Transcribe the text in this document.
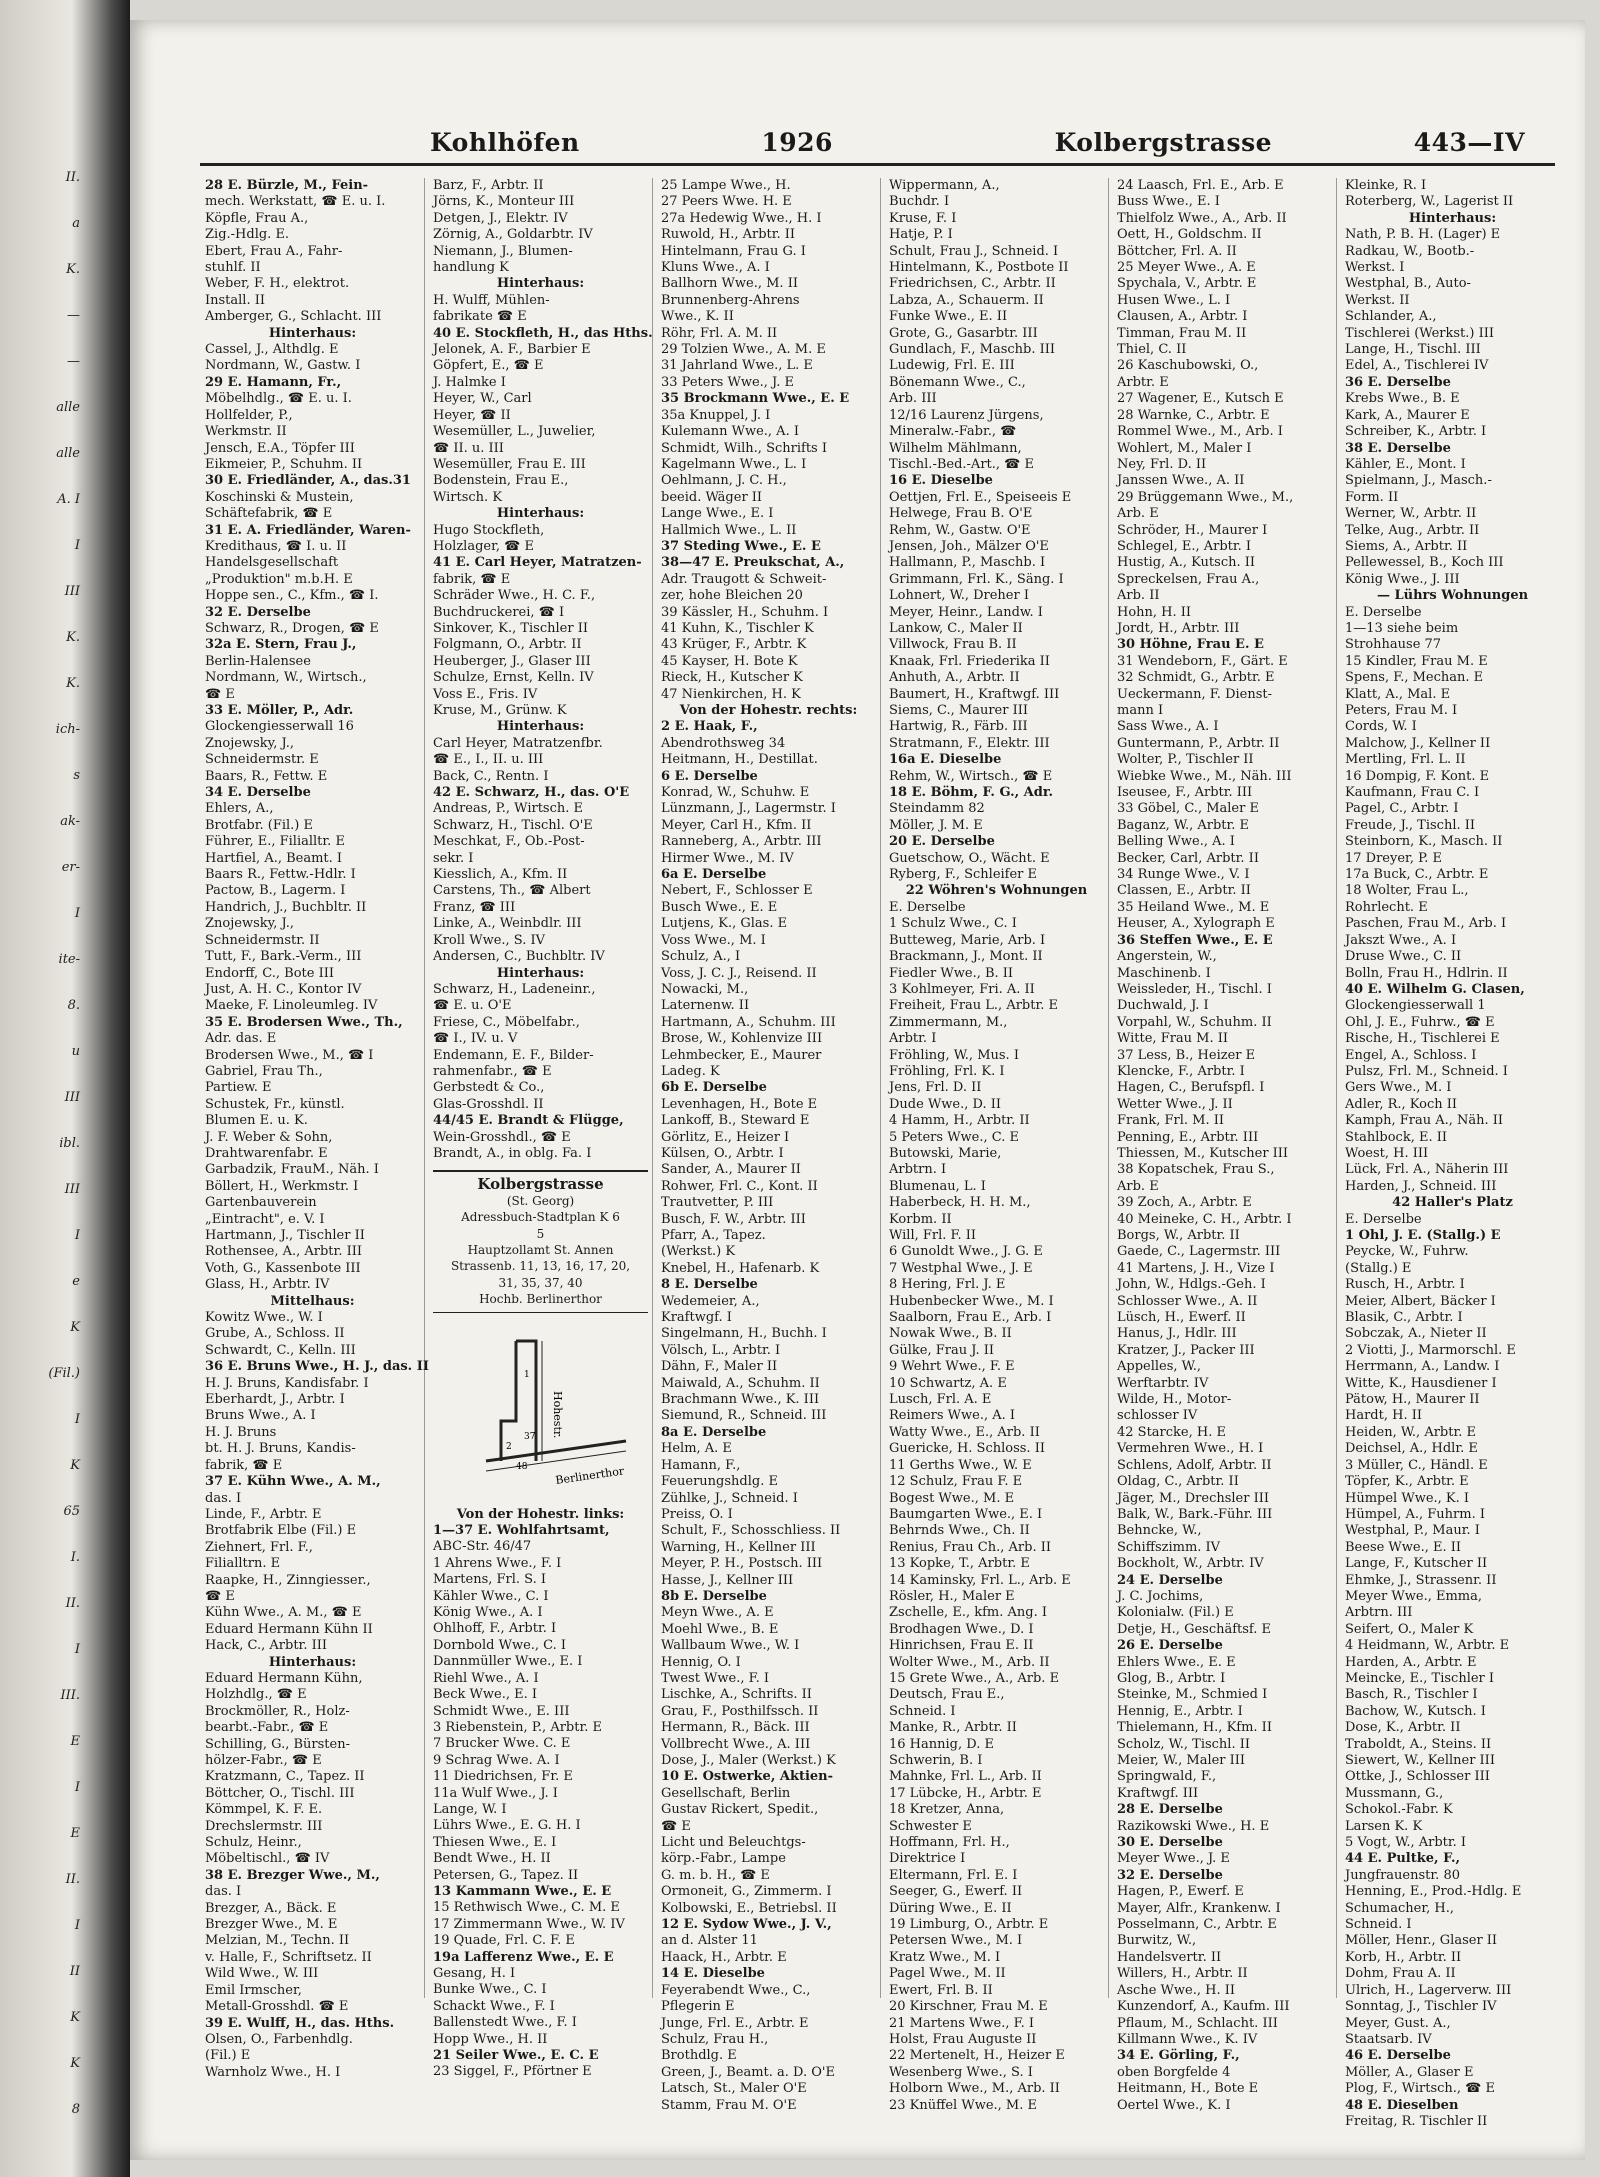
II.
a
K.
—
—
alle
alle
A. I
I
III
K.
K.
ich-
s
ak-
er-
I
ite-
8.
u
III
ibl.
III
I
e
K
(Fil.)
I
K
65
I.
II.
I
III.
E
I
E
II.
I
II
K
K
8
Kohlhöfen	1926	Kolbergstrasse	443—IV
28 E. Bürzle, M., Fein-
mech. Werkstatt, ☎ E. u. I.
Köpfle, Frau A.,
Zig.-Hdlg. E.
Ebert, Frau A., Fahr-
stuhlf. II
Weber, F. H., elektrot.
Install. II
Amberger, G., Schlacht. III
Hinterhaus:
Cassel, J., Althdlg. E
Nordmann, W., Gastw. I
29 E. Hamann, Fr.,
Möbelhdlg., ☎ E. u. I.
Hollfelder, P.,
Werkmstr. II
Jensch, E.A., Töpfer III
Eikmeier, P., Schuhm. II
30 E. Friedländer, A., das.31
Koschinski & Mustein,
Schäftefabrik, ☎ E
31 E. A. Friedländer, Waren-
Kredithaus, ☎ I. u. II
Handelsgesellschaft
„Produktion" m.b.H. E
Hoppe sen., C., Kfm., ☎ I.
32 E. Derselbe
Schwarz, R., Drogen, ☎ E
32a E. Stern, Frau J.,
Berlin-Halensee
Nordmann, W., Wirtsch.,
☎ E
33 E. Möller, P., Adr.
Glockengiesserwall 16
Znojewsky, J.,
Schneidermstr. E
Baars, R., Fettw. E
34 E. Derselbe
Ehlers, A.,
Brotfabr. (Fil.) E
Führer, E., Filialltr. E
Hartfiel, A., Beamt. I
Baars R., Fettw.-Hdlr. I
Pactow, B., Lagerm. I
Handrich, J., Buchbltr. II
Znojewsky, J.,
Schneidermstr. II
Tutt, F., Bark.-Verm., III
Endorff, C., Bote III
Just, A. H. C., Kontor IV
Maeke, F. Linoleumleg. IV
35 E. Brodersen Wwe., Th.,
Adr. das. E
Brodersen Wwe., M., ☎ I
Gabriel, Frau Th.,
Partiew. E
Schustek, Fr., künstl.
Blumen E. u. K.
J. F. Weber & Sohn,
Drahtwarenfabr. E
Garbadzik, FrauM., Näh. I
Böllert, H., Werkmstr. I
Gartenbauverein
„Eintracht", e. V. I
Hartmann, J., Tischler II
Rothensee, A., Arbtr. III
Voth, G., Kassenbote III
Glass, H., Arbtr. IV
Mittelhaus:
Kowitz Wwe., W. I
Grube, A., Schloss. II
Schwardt, C., Kelln. III
36 E. Bruns Wwe., H. J., das. II
H. J. Bruns, Kandisfabr. I
Eberhardt, J., Arbtr. I
Bruns Wwe., A. I
H. J. Bruns
bt. H. J. Bruns, Kandis-
fabrik, ☎ E
37 E. Kühn Wwe., A. M.,
das. I
Linde, F., Arbtr. E
Brotfabrik Elbe (Fil.) E
Ziehnert, Frl. F.,
Filialltrn. E
Raapke, H., Zinngiesser.,
☎ E
Kühn Wwe., A. M., ☎ E
Eduard Hermann Kühn II
Hack, C., Arbtr. III
Hinterhaus:
Eduard Hermann Kühn,
Holzhdlg., ☎ E
Brockmöller, R., Holz-
bearbt.-Fabr., ☎ E
Schilling, G., Bürsten-
hölzer-Fabr., ☎ E
Kratzmann, C., Tapez. II
Böttcher, O., Tischl. III
Kömmpel, K. F. E.
Drechslermstr. III
Schulz, Heinr.,
Möbeltischl., ☎ IV
38 E. Brezger Wwe., M.,
das. I
Brezger, A., Bäck. E
Brezger Wwe., M. E
Melzian, M., Techn. II
v. Halle, F., Schriftsetz. II
Wild Wwe., W. III
Emil Irmscher,
Metall-Grosshdl. ☎ E
39 E. Wulff, H., das. Hths.
Olsen, O., Farbenhdlg.
(Fil.) E
Warnholz Wwe., H. I
Barz, F., Arbtr. II
Jörns, K., Monteur III
Detgen, J., Elektr. IV
Zörnig, A., Goldarbtr. IV
Niemann, J., Blumen-
handlung K
Hinterhaus:
H. Wulff, Mühlen-
fabrikate ☎ E
40 E. Stockfleth, H., das Hths.
Jelonek, A. F., Barbier E
Göpfert, E., ☎ E
J. Halmke I
Heyer, W., Carl
Heyer, ☎ II
Wesemüller, L., Juwelier,
☎ II. u. III
Wesemüller, Frau E. III
Bodenstein, Frau E.,
Wirtsch. K
Hinterhaus:
Hugo Stockfleth,
Holzlager, ☎ E
41 E. Carl Heyer, Matratzen-
fabrik, ☎ E
Schräder Wwe., H. C. F.,
Buchdruckerei, ☎ I
Sinkover, K., Tischler II
Folgmann, O., Arbtr. II
Heuberger, J., Glaser III
Schulze, Ernst, Kelln. IV
Voss E., Fris. IV
Kruse, M., Grünw. K
Hinterhaus:
Carl Heyer, Matratzenfbr.
☎ E., I., II. u. III
Back, C., Rentn. I
42 E. Schwarz, H., das. O'E
Andreas, P., Wirtsch. E
Schwarz, H., Tischl. O'E
Meschkat, F., Ob.-Post-
sekr. I
Kiesslich, A., Kfm. II
Carstens, Th., ☎ Albert
Franz, ☎ III
Linke, A., Weinbdlr. III
Kroll Wwe., S. IV
Andersen, C., Buchbltr. IV
Hinterhaus:
Schwarz, H., Ladeneinr.,
☎ E. u. O'E
Friese, C., Möbelfabr.,
☎ I., IV. u. V
Endemann, E. F., Bilder-
rahmenfabr., ☎ E
Gerbstedt & Co.,
Glas-Grosshdl. II
44/45 E. Brandt & Flügge,
Wein-Grosshdl., ☎ E
Brandt, A., in oblg. Fa. I
Kolbergstrasse
(St. Georg)
Adressbuch-Stadtplan K 6
5
Hauptzollamt St. Annen
Strassenb. 11, 13, 16, 17, 20,
31, 35, 37, 40
Hochb. Berlinerthor
Hohestr.
Berlinerthor
1
37
2
48
Von der Hohestr. links:
1—37 E. Wohlfahrtsamt,
ABC-Str. 46/47
1 Ahrens Wwe., F. I
Martens, Frl. S. I
Kähler Wwe., C. I
König Wwe., A. I
Ohlhoff, F., Arbtr. I
Dornbold Wwe., C. I
Dannmüller Wwe., E. I
Riehl Wwe., A. I
Beck Wwe., E. I
Schmidt Wwe., E. III
3 Riebenstein, P., Arbtr. E
7 Brucker Wwe. C. E
9 Schrag Wwe. A. I
11 Diedrichsen, Fr. E
11a Wulf Wwe., J. I
Lange, W. I
Lührs Wwe., E. G. H. I
Thiesen Wwe., E. I
Bendt Wwe., H. II
Petersen, G., Tapez. II
13 Kammann Wwe., E. E
15 Rethwisch Wwe., C. M. E
17 Zimmermann Wwe., W. IV
19 Quade, Frl. C. F. E
19a Lafferenz Wwe., E. E
Gesang, H. I
Bunke Wwe., C. I
Schackt Wwe., F. I
Ballenstedt Wwe., F. I
Hopp Wwe., H. II
21 Seiler Wwe., E. C. E
23 Siggel, F., Pförtner E
25 Lampe Wwe., H.
27 Peers Wwe. H. E
27a Hedewig Wwe., H. I
Ruwold, H., Arbtr. II
Hintelmann, Frau G. I
Kluns Wwe., A. I
Ballhorn Wwe., M. II
Brunnenberg-Ahrens
Wwe., K. II
Röhr, Frl. A. M. II
29 Tolzien Wwe., A. M. E
31 Jahrland Wwe., L. E
33 Peters Wwe., J. E
35 Brockmann Wwe., E. E
35a Knuppel, J. I
Kulemann Wwe., A. I
Schmidt, Wilh., Schrifts I
Kagelmann Wwe., L. I
Oehlmann, J. C. H.,
beeid. Wäger II
Lange Wwe., E. I
Hallmich Wwe., L. II
37 Steding Wwe., E. E
38—47 E. Preukschat, A.,
Adr. Traugott & Schweit-
zer, hohe Bleichen 20
39 Kässler, H., Schuhm. I
41 Kuhn, K., Tischler K
43 Krüger, F., Arbtr. K
45 Kayser, H. Bote K
Rieck, H., Kutscher K
47 Nienkirchen, H. K
Von der Hohestr. rechts:
2 E. Haak, F.,
Abendrothsweg 34
Heitmann, H., Destillat.
6 E. Derselbe
Konrad, W., Schuhw. E
Lünzmann, J., Lagermstr. I
Meyer, Carl H., Kfm. II
Ranneberg, A., Arbtr. III
Hirmer Wwe., M. IV
6a E. Derselbe
Nebert, F., Schlosser E
Busch Wwe., E. E
Lutjens, K., Glas. E
Voss Wwe., M. I
Schulz, A., I
Voss, J. C. J., Reisend. II
Nowacki, M.,
Laternenw. II
Hartmann, A., Schuhm. III
Brose, W., Kohlenvize III
Lehmbecker, E., Maurer
Ladeg. K
6b E. Derselbe
Levenhagen, H., Bote E
Lankoff, B., Steward E
Görlitz, E., Heizer I
Külsen, O., Arbtr. I
Sander, A., Maurer II
Rohwer, Frl. C., Kont. II
Trautvetter, P. III
Busch, F. W., Arbtr. III
Pfarr, A., Tapez.
(Werkst.) K
Knebel, H., Hafenarb. K
8 E. Derselbe
Wedemeier, A.,
Kraftwgf. I
Singelmann, H., Buchh. I
Völsch, L., Arbtr. I
Dähn, F., Maler II
Maiwald, A., Schuhm. II
Brachmann Wwe., K. III
Siemund, R., Schneid. III
8a E. Derselbe
Helm, A. E
Hamann, F.,
Feuerungshdlg. E
Zühlke, J., Schneid. I
Preiss, O. I
Schult, F., Schosschliess. II
Warning, H., Kellner III
Meyer, P. H., Postsch. III
Hasse, J., Kellner III
8b E. Derselbe
Meyn Wwe., A. E
Moehl Wwe., B. E
Wallbaum Wwe., W. I
Hennig, O. I
Twest Wwe., F. I
Lischke, A., Schrifts. II
Grau, F., Posthilfssch. II
Hermann, R., Bäck. III
Vollbrecht Wwe., A. III
Dose, J., Maler (Werkst.) K
10 E. Ostwerke, Aktien-
Gesellschaft, Berlin
Gustav Rickert, Spedit.,
☎ E
Licht und Beleuchtgs-
körp.-Fabr., Lampe
G. m. b. H., ☎ E
Ormoneit, G., Zimmerm. I
Kolbowski, E., Betriebsl. II
12 E. Sydow Wwe., J. V.,
an d. Alster 11
Haack, H., Arbtr. E
14 E. Dieselbe
Feyerabendt Wwe., C.,
Pflegerin E
Junge, Frl. E., Arbtr. E
Schulz, Frau H.,
Brothdlg. E
Green, J., Beamt. a. D. O'E
Latsch, St., Maler O'E
Stamm, Frau M. O'E
Wippermann, A.,
Buchdr. I
Kruse, F. I
Hatje, P. I
Schult, Frau J., Schneid. I
Hintelmann, K., Postbote II
Friedrichsen, C., Arbtr. II
Labza, A., Schauerm. II
Funke Wwe., E. II
Grote, G., Gasarbtr. III
Gundlach, F., Maschb. III
Ludewig, Frl. E. III
Bönemann Wwe., C.,
Arb. III
12/16 Laurenz Jürgens,
Mineralw.-Fabr., ☎
Wilhelm Mählmann,
Tischl.-Bed.-Art., ☎ E
16 E. Dieselbe
Oettjen, Frl. E., Speiseeis E
Helwege, Frau B. O'E
Rehm, W., Gastw. O'E
Jensen, Joh., Mälzer O'E
Hallmann, P., Maschb. I
Grimmann, Frl. K., Säng. I
Lohnert, W., Dreher I
Meyer, Heinr., Landw. I
Lankow, C., Maler II
Villwock, Frau B. II
Knaak, Frl. Friederika II
Anhuth, A., Arbtr. II
Baumert, H., Kraftwgf. III
Siems, C., Maurer III
Hartwig, R., Färb. III
Stratmann, F., Elektr. III
16a E. Dieselbe
Rehm, W., Wirtsch., ☎ E
18 E. Böhm, F. G., Adr.
Steindamm 82
Möller, J. M. E
20 E. Derselbe
Guetschow, O., Wächt. E
Ryberg, F., Schleifer E
22 Wöhren's Wohnungen
E. Derselbe
1 Schulz Wwe., C. I
Butteweg, Marie, Arb. I
Brackmann, J., Mont. II
Fiedler Wwe., B. II
3 Kohlmeyer, Fri. A. II
Freiheit, Frau L., Arbtr. E
Zimmermann, M.,
Arbtr. I
Fröhling, W., Mus. I
Fröhling, Frl. K. I
Jens, Frl. D. II
Dude Wwe., D. II
4 Hamm, H., Arbtr. II
5 Peters Wwe., C. E
Butowski, Marie,
Arbtrn. I
Blumenau, L. I
Haberbeck, H. H. M.,
Korbm. II
Will, Frl. F. II
6 Gunoldt Wwe., J. G. E
7 Westphal Wwe., J. E
8 Hering, Frl. J. E
Hubenbecker Wwe., M. I
Saalborn, Frau E., Arb. I
Nowak Wwe., B. II
Gülke, Frau J. II
9 Wehrt Wwe., F. E
10 Schwartz, A. E
Lusch, Frl. A. E
Reimers Wwe., A. I
Watty Wwe., E., Arb. II
Guericke, H. Schloss. II
11 Gerths Wwe., W. E
12 Schulz, Frau F. E
Bogest Wwe., M. E
Baumgarten Wwe., E. I
Behrnds Wwe., Ch. II
Renius, Frau Ch., Arb. II
13 Kopke, T., Arbtr. E
14 Kaminsky, Frl. L., Arb. E
Rösler, H., Maler E
Zschelle, E., kfm. Ang. I
Brodhagen Wwe., D. I
Hinrichsen, Frau E. II
Wolter Wwe., M., Arb. II
15 Grete Wwe., A., Arb. E
Deutsch, Frau E.,
Schneid. I
Manke, R., Arbtr. II
16 Hannig, D. E
Schwerin, B. I
Mahnke, Frl. L., Arb. II
17 Lübcke, H., Arbtr. E
18 Kretzer, Anna,
Schwester E
Hoffmann, Frl. H.,
Direktrice I
Eltermann, Frl. E. I
Seeger, G., Ewerf. II
Düring Wwe., E. II
19 Limburg, O., Arbtr. E
Petersen Wwe., M. I
Kratz Wwe., M. I
Pagel Wwe., M. II
Ewert, Frl. B. II
20 Kirschner, Frau M. E
21 Martens Wwe., F. I
Holst, Frau Auguste II
22 Mertenelt, H., Heizer E
Wesenberg Wwe., S. I
Holborn Wwe., M., Arb. II
23 Knüffel Wwe., M. E
24 Laasch, Frl. E., Arb. E
Buss Wwe., E. I
Thielfolz Wwe., A., Arb. II
Oett, H., Goldschm. II
Böttcher, Frl. A. II
25 Meyer Wwe., A. E
Spychala, V., Arbtr. E
Husen Wwe., L. I
Clausen, A., Arbtr. I
Timman, Frau M. II
Thiel, C. II
26 Kaschubowski, O.,
Arbtr. E
27 Wagener, E., Kutsch E
28 Warnke, C., Arbtr. E
Rommel Wwe., M., Arb. I
Wohlert, M., Maler I
Ney, Frl. D. II
Janssen Wwe., A. II
29 Brüggemann Wwe., M.,
Arb. E
Schröder, H., Maurer I
Schlegel, E., Arbtr. I
Hustig, A., Kutsch. II
Spreckelsen, Frau A.,
Arb. II
Hohn, H. II
Jordt, H., Arbtr. III
30 Höhne, Frau E. E
31 Wendeborn, F., Gärt. E
32 Schmidt, G., Arbtr. E
Ueckermann, F. Dienst-
mann I
Sass Wwe., A. I
Guntermann, P., Arbtr. II
Wolter, P., Tischler II
Wiebke Wwe., M., Näh. III
Iseusee, F., Arbtr. III
33 Göbel, C., Maler E
Baganz, W., Arbtr. E
Belling Wwe., A. I
Becker, Carl, Arbtr. II
34 Runge Wwe., V. I
Classen, E., Arbtr. II
35 Heiland Wwe., M. E
Heuser, A., Xylograph E
36 Steffen Wwe., E. E
Angerstein, W.,
Maschinenb. I
Weissleder, H., Tischl. I
Duchwald, J. I
Vorpahl, W., Schuhm. II
Witte, Frau M. II
37 Less, B., Heizer E
Klencke, F., Arbtr. I
Hagen, C., Berufspfl. I
Wetter Wwe., J. II
Frank, Frl. M. II
Penning, E., Arbtr. III
Thiessen, M., Kutscher III
38 Kopatschek, Frau S.,
Arb. E
39 Zoch, A., Arbtr. E
40 Meineke, C. H., Arbtr. I
Borgs, W., Arbtr. II
Gaede, C., Lagermstr. III
41 Martens, J. H., Vize I
John, W., Hdlgs.-Geh. I
Schlosser Wwe., A. II
Lüsch, H., Ewerf. II
Hanus, J., Hdlr. III
Kratzer, J., Packer III
Appelles, W.,
Werftarbtr. IV
Wilde, H., Motor-
schlosser IV
42 Starcke, H. E
Vermehren Wwe., H. I
Schlens, Adolf, Arbtr. II
Oldag, C., Arbtr. II
Jäger, M., Drechsler III
Balk, W., Bark.-Führ. III
Behncke, W.,
Schiffszimm. IV
Bockholt, W., Arbtr. IV
24 E. Derselbe
J. C. Jochims,
Kolonialw. (Fil.) E
Detje, H., Geschäftsf. E
26 E. Derselbe
Ehlers Wwe., E. E
Glog, B., Arbtr. I
Steinke, M., Schmied I
Hennig, E., Arbtr. I
Thielemann, H., Kfm. II
Scholz, W., Tischl. II
Meier, W., Maler III
Springwald, F.,
Kraftwgf. III
28 E. Derselbe
Razikowski Wwe., H. E
30 E. Derselbe
Meyer Wwe., J. E
32 E. Derselbe
Hagen, P., Ewerf. E
Mayer, Alfr., Krankenw. I
Posselmann, C., Arbtr. E
Burwitz, W.,
Handelsvertr. II
Willers, H., Arbtr. II
Asche Wwe., H. II
Kunzendorf, A., Kaufm. III
Pflaum, M., Schlacht. III
Killmann Wwe., K. IV
34 E. Görling, F.,
oben Borgfelde 4
Heitmann, H., Bote E
Oertel Wwe., K. I
Kleinke, R. I
Roterberg, W., Lagerist II
Hinterhaus:
Nath, P. B. H. (Lager) E
Radkau, W., Bootb.-
Werkst. I
Westphal, B., Auto-
Werkst. II
Schlander, A.,
Tischlerei (Werkst.) III
Lange, H., Tischl. III
Edel, A., Tischlerei IV
36 E. Derselbe
Krebs Wwe., B. E
Kark, A., Maurer E
Schreiber, K., Arbtr. I
38 E. Derselbe
Kähler, E., Mont. I
Spielmann, J., Masch.-
Form. II
Werner, W., Arbtr. II
Telke, Aug., Arbtr. II
Siems, A., Arbtr. II
Pellewessel, B., Koch III
König Wwe., J. III
— Lührs Wohnungen
E. Derselbe
1—13 siehe beim
Strohhause 77
15 Kindler, Frau M. E
Spens, F., Mechan. E
Klatt, A., Mal. E
Peters, Frau M. I
Cords, W. I
Malchow, J., Kellner II
Mertling, Frl. L. II
16 Dompig, F. Kont. E
Kaufmann, Frau C. I
Pagel, C., Arbtr. I
Freude, J., Tischl. II
Steinborn, K., Masch. II
17 Dreyer, P. E
17a Buck, C., Arbtr. E
18 Wolter, Frau L.,
Rohrlecht. E
Paschen, Frau M., Arb. I
Jakszt Wwe., A. I
Druse Wwe., C. II
Bolln, Frau H., Hdlrin. II
40 E. Wilhelm G. Clasen,
Glockengiesserwall 1
Ohl, J. E., Fuhrw., ☎ E
Rische, H., Tischlerei E
Engel, A., Schloss. I
Pulsz, Frl. M., Schneid. I
Gers Wwe., M. I
Adler, R., Koch II
Kamph, Frau A., Näh. II
Stahlbock, E. II
Woest, H. III
Lück, Frl. A., Näherin III
Harden, J., Schneid. III
42 Haller's Platz
E. Derselbe
1 Ohl, J. E. (Stallg.) E
Peycke, W., Fuhrw.
(Stallg.) E
Rusch, H., Arbtr. I
Meier, Albert, Bäcker I
Blasik, C., Arbtr. I
Sobczak, A., Nieter II
2 Viotti, J., Marmorschl. E
Herrmann, A., Landw. I
Witte, K., Hausdiener I
Pätow, H., Maurer II
Hardt, H. II
Heiden, W., Arbtr. E
Deichsel, A., Hdlr. E
3 Müller, C., Händl. E
Töpfer, K., Arbtr. E
Hümpel Wwe., K. I
Hümpel, A., Fuhrm. I
Westphal, P., Maur. I
Beese Wwe., E. II
Lange, F., Kutscher II
Ehmke, J., Strassenr. II
Meyer Wwe., Emma,
Arbtrn. III
Seifert, O., Maler K
4 Heidmann, W., Arbtr. E
Harden, A., Arbtr. E
Meincke, E., Tischler I
Basch, R., Tischler I
Bachow, W., Kutsch. I
Dose, K., Arbtr. II
Traboldt, A., Steins. II
Siewert, W., Kellner III
Ottke, J., Schlosser III
Mussmann, G.,
Schokol.-Fabr. K
Larsen K. K
5 Vogt, W., Arbtr. I
44 E. Pultke, F.,
Jungfrauenstr. 80
Henning, E., Prod.-Hdlg. E
Schumacher, H.,
Schneid. I
Möller, Henr., Glaser II
Korb, H., Arbtr. II
Dohm, Frau A. II
Ulrich, H., Lagerverw. III
Sonntag, J., Tischler IV
Meyer, Gust. A.,
Staatsarb. IV
46 E. Derselbe
Möller, A., Glaser E
Plog, F., Wirtsch., ☎ E
48 E. Dieselben
Freitag, R. Tischler II
